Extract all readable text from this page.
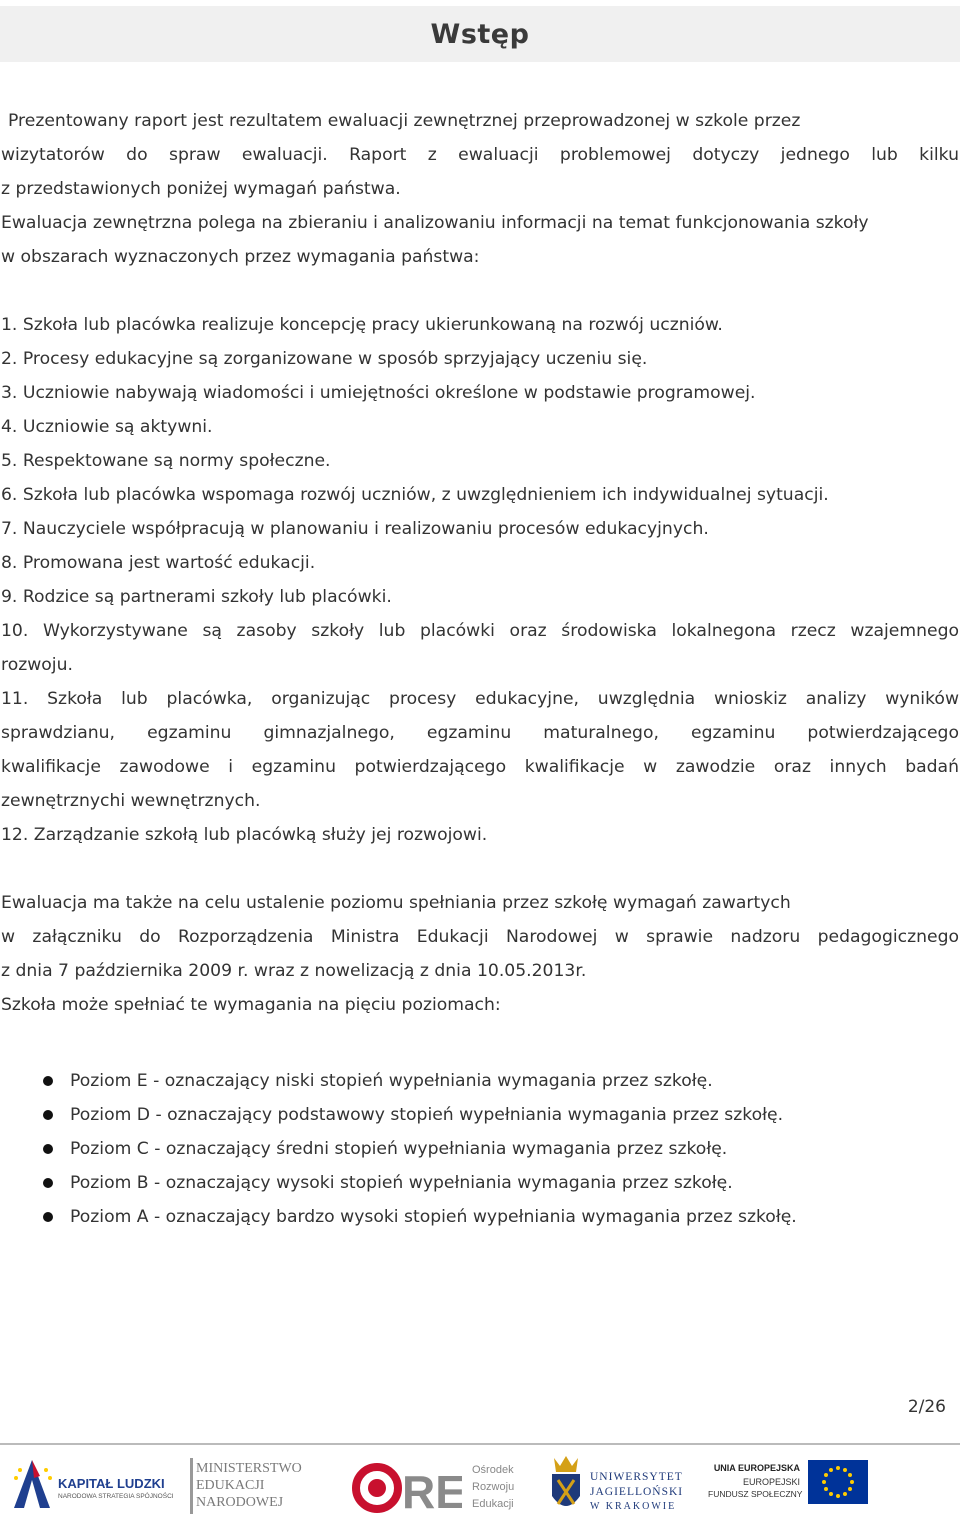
Wstęp

Prezentowany raport jest rezultatem ewaluacji zewnętrznej przeprowadzonej w szkole przez

wizytatorów do spraw ewaluacji. Raport z ewaluacji problemowej dotyczy jednego lub kilku

z przedstawionych poniżej wymagań państwa.

Ewaluacja zewnętrzna polega na zbieraniu i analizowaniu informacji na temat funkcjonowania szkoły

w obszarach wyznaczonych przez wymagania państwa:

1. Szkoła lub placówka realizuje koncepcję pracy ukierunkowaną na rozwój uczniów.

2. Procesy edukacyjne są zorganizowane w sposób sprzyjający uczeniu się.

3. Uczniowie nabywają wiadomości i umiejętności określone w podstawie programowej.

4. Uczniowie są aktywni.

5. Respektowane są normy społeczne.

6. Szkoła lub placówka wspomaga rozwój uczniów, z uwzględnieniem ich indywidualnej sytuacji.

7. Nauczyciele współpracują w planowaniu i realizowaniu procesów edukacyjnych.

8. Promowana jest wartość edukacji.

9. Rodzice są partnerami szkoły lub placówki.

10. Wykorzystywane są zasoby szkoły lub placówki oraz środowiska lokalnegona rzecz wzajemnego

rozwoju.

11. Szkoła lub placówka, organizując procesy edukacyjne, uwzględnia wnioskiz analizy wyników

sprawdzianu, egzaminu gimnazjalnego, egzaminu maturalnego, egzaminu potwierdzającego

kwalifikacje zawodowe i egzaminu potwierdzającego kwalifikacje w zawodzie oraz innych badań

zewnętrznychi wewnętrznych.

12. Zarządzanie szkołą lub placówką służy jej rozwojowi.

Ewaluacja ma także na celu ustalenie poziomu spełniania przez szkołę wymagań zawartych

w załączniku do Rozporządzenia Ministra Edukacji Narodowej w sprawie nadzoru pedagogicznego

z dnia 7 października 2009 r. wraz z nowelizacją z dnia 10.05.2013r.

Szkoła może spełniać te wymagania na pięciu poziomach:

Poziom E - oznaczający niski stopień wypełniania wymagania przez szkołę.
Poziom D - oznaczający podstawowy stopień wypełniania wymagania przez szkołę.
Poziom C - oznaczający średni stopień wypełniania wymagania przez szkołę.
Poziom B - oznaczający wysoki stopień wypełniania wymagania przez szkołę.
Poziom A - oznaczający bardzo wysoki stopień wypełniania wymagania przez szkołę.
2/26
KAPITAŁ LUDZKI
NARODOWA STRATEGIA SPÓJNOŚCI
MINISTERSTWO
EDUKACJI
NARODOWEJ	RE Ośrodek
Rozwoju
Edukacji
UNIWERSYTET
JAGIELLOŃSKI
W KRAKOWIE
UNIA EUROPEJSKA
EUROPEJSKI
FUNDUSZ SPOŁECZNY
